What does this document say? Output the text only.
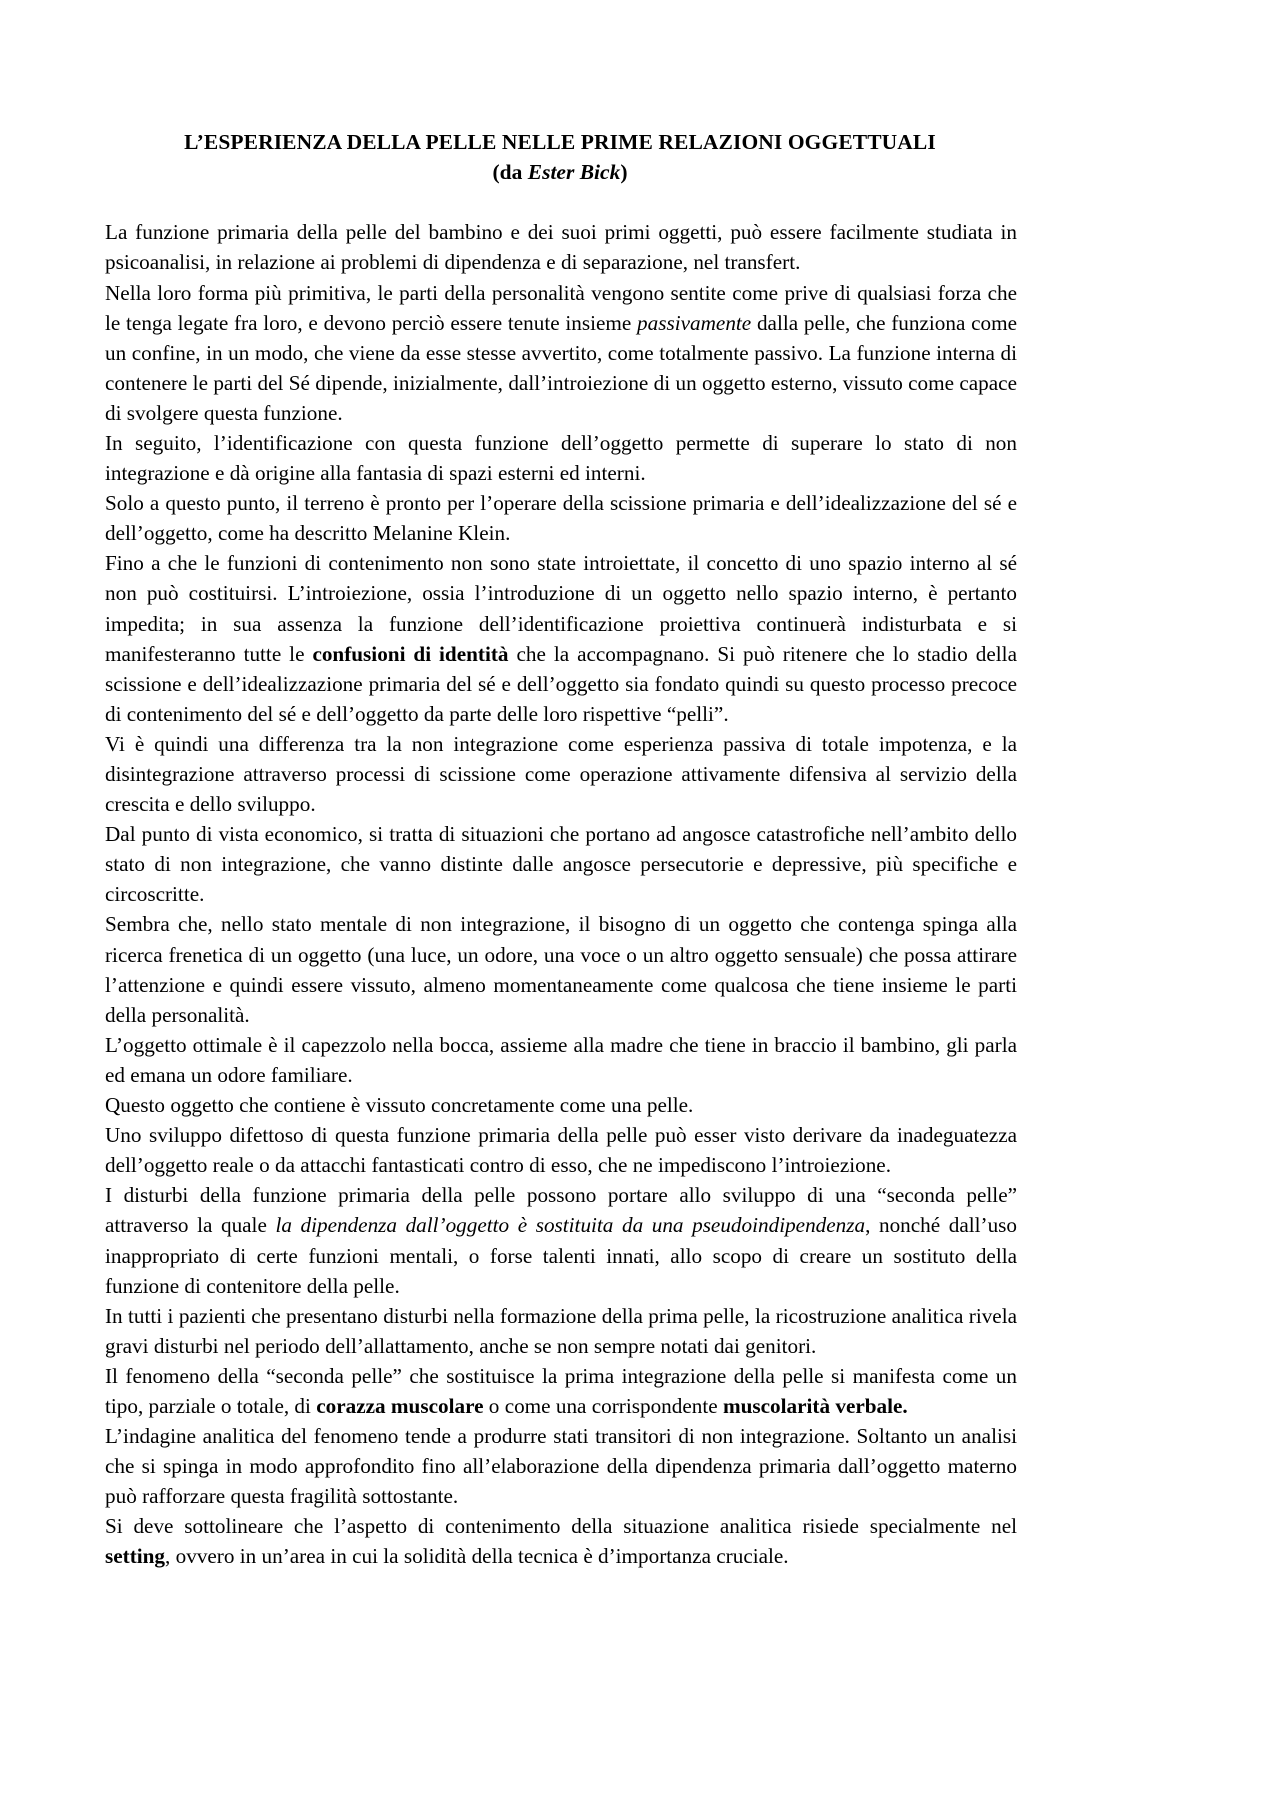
L’ESPERIENZA DELLA PELLE NELLE PRIME RELAZIONI OGGETTUALI
(da Ester Bick)

La funzione primaria della pelle del bambino e dei suoi primi oggetti, può essere facilmente studiata in psicoanalisi, in relazione ai problemi di dipendenza e di separazione, nel transfert.

Nella loro forma più primitiva, le parti della personalità vengono sentite come prive di qualsiasi forza che le tenga legate fra loro, e devono perciò essere tenute insieme passivamente dalla pelle, che funziona come un confine, in un modo, che viene da esse stesse avvertito, come totalmente passivo. La funzione interna di contenere le parti del Sé dipende, inizialmente, dall’introiezione di un oggetto esterno, vissuto come capace di svolgere questa funzione.

In seguito, l’identificazione con questa funzione dell’oggetto permette di superare lo stato di non integrazione e dà origine alla fantasia di spazi esterni ed interni.

Solo a questo punto, il terreno è pronto per l’operare della scissione primaria e dell’idealizzazione del sé e dell’oggetto, come ha descritto Melanine Klein.

Fino a che le funzioni di contenimento non sono state introiettate, il concetto di uno spazio interno al sé non può costituirsi. L’introiezione, ossia l’introduzione di un oggetto nello spazio interno, è pertanto impedita; in sua assenza la funzione dell’identificazione proiettiva continuerà indisturbata e si manifesteranno tutte le confusioni di identità che la accompagnano. Si può ritenere che lo stadio della scissione e dell’idealizzazione primaria del sé e dell’oggetto sia fondato quindi su questo processo precoce di contenimento del sé e dell’oggetto da parte delle loro rispettive “pelli”.

Vi è quindi una differenza tra la non integrazione come esperienza passiva di totale impotenza, e la disintegrazione attraverso processi di scissione come operazione attivamente difensiva al servizio della crescita e dello sviluppo.

Dal punto di vista economico, si tratta di situazioni che portano ad angosce catastrofiche nell’ambito dello stato di non integrazione, che vanno distinte dalle angosce persecutorie e depressive, più specifiche e circoscritte.

Sembra che, nello stato mentale di non integrazione, il bisogno di un oggetto che contenga spinga alla ricerca frenetica di un oggetto (una luce, un odore, una voce o un altro oggetto sensuale) che possa attirare l’attenzione e quindi essere vissuto, almeno momentaneamente come qualcosa che tiene insieme le parti della personalità.

L’oggetto ottimale è il capezzolo nella bocca, assieme alla madre che tiene in braccio il bambino, gli parla ed emana un odore familiare.

Questo oggetto che contiene è vissuto concretamente come una pelle.

Uno sviluppo difettoso di questa funzione primaria della pelle può esser visto derivare da inadeguatezza dell’oggetto reale o da attacchi fantasticati contro di esso, che ne impediscono l’introiezione.

I disturbi della funzione primaria della pelle possono portare allo sviluppo di una “seconda pelle” attraverso la quale la dipendenza dall’oggetto è sostituita da una pseudoindipendenza, nonché dall’uso inappropriato di certe funzioni mentali, o forse talenti innati, allo scopo di creare un sostituto della funzione di contenitore della pelle.

In tutti i pazienti che presentano disturbi nella formazione della prima pelle, la ricostruzione analitica rivela gravi disturbi nel periodo dell’allattamento, anche se non sempre notati dai genitori.

Il fenomeno della “seconda pelle” che sostituisce la prima integrazione della pelle si manifesta come un tipo, parziale o totale, di corazza muscolare o come una corrispondente muscolarità verbale.

L’indagine analitica del fenomeno tende a produrre stati transitori di non integrazione. Soltanto un analisi che si spinga in modo approfondito fino all’elaborazione della dipendenza primaria dall’oggetto materno può rafforzare questa fragilità sottostante.

Si deve sottolineare che l’aspetto di contenimento della situazione analitica risiede specialmente nel setting, ovvero in un’area in cui la solidità della tecnica è d’importanza cruciale.
